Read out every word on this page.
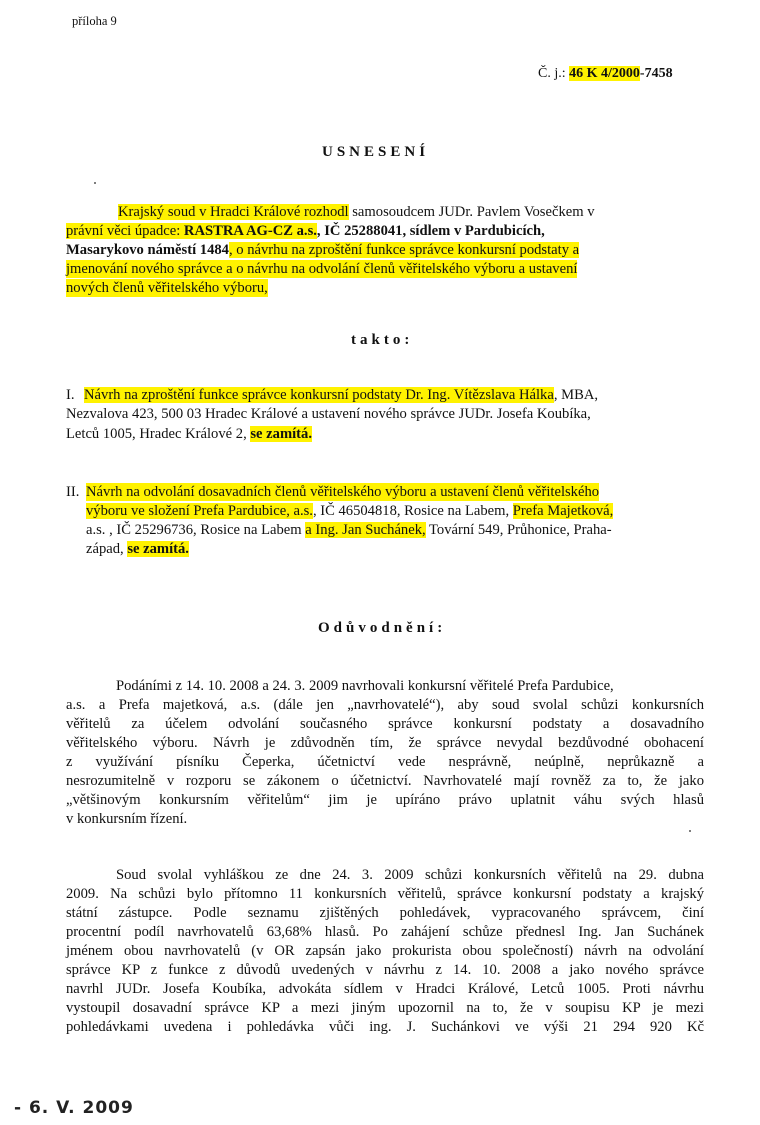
příloha 9
Č. j.: 46 K 4/2000-7458
USNESENÍ
Krajský soud v Hradci Králové rozhodl samosoudcem JUDr. Pavlem Vosečkem v
právní věci úpadce: RASTRA AG-CZ a.s., IČ 25288041, sídlem v Pardubicích,
Masarykovo náměstí 1484, o návrhu na zproštění funkce správce konkursní podstaty a
jmenování nového správce a o návrhu na odvolání členů věřitelského výboru a ustavení
nových členů věřitelského výboru,
takto:
I. Návrh na zproštění funkce správce konkursní podstaty Dr. Ing. Vítězslava Hálka, MBA,
Nezvalova 423, 500 03 Hradec Králové a ustavení nového správce JUDr. Josefa Koubíka,
Letců 1005, Hradec Králové 2, se zamítá.
II. Návrh na odvolání dosavadních členů věřitelského výboru a ustavení členů věřitelského
výboru ve složení Prefa Pardubice, a.s., IČ 46504818, Rosice na Labem, Prefa Majetková,
a.s. , IČ 25296736, Rosice na Labem a Ing. Jan Suchánek, Tovární 549, Průhonice, Praha-
západ, se zamítá.
Odůvodnění:
Podáními z 14. 10. 2008 a 24. 3. 2009 navrhovali konkursní věřitelé Prefa Pardubice,
a.s. a Prefa majetková, a.s. (dále jen „navrhovatelé“), aby soud svolal schůzi konkursních
věřitelů za účelem odvolání současného správce konkursní podstaty a dosavadního
věřitelského výboru. Návrh je zdůvodněn tím, že správce nevydal bezdůvodné obohacení
z využívání písníku Čeperka, účetnictví vede nesprávně, neúplně, neprůkazně a
nesrozumitelně v rozporu se zákonem o účetnictví. Navrhovatelé mají rovněž za to, že jako
„většinovým konkursním věřitelům“ jim je upíráno právo uplatnit váhu svých hlasů
v konkursním řízení.
Soud svolal vyhláškou ze dne 24. 3. 2009 schůzi konkursních věřitelů na 29. dubna
2009. Na schůzi bylo přítomno 11 konkursních věřitelů, správce konkursní podstaty a krajský
státní zástupce. Podle seznamu zjištěných pohledávek, vypracovaného správcem, činí
procentní podíl navrhovatelů 63,68% hlasů. Po zahájení schůze přednesl Ing. Jan Suchánek
jménem obou navrhovatelů (v OR zapsán jako prokurista obou společností) návrh na odvolání
správce KP z funkce z důvodů uvedených v návrhu z 14. 10. 2008 a jako nového správce
navrhl JUDr. Josefa Koubíka, advokáta sídlem v Hradci Králové, Letců 1005. Proti návrhu
vystoupil dosavadní správce KP a mezi jiným upozornil na to, že v soupisu KP je mezi
pohledávkami uvedena i pohledávka vůči ing. J. Suchánkovi ve výši 21 294 920 Kč
- 6. V. 2009
